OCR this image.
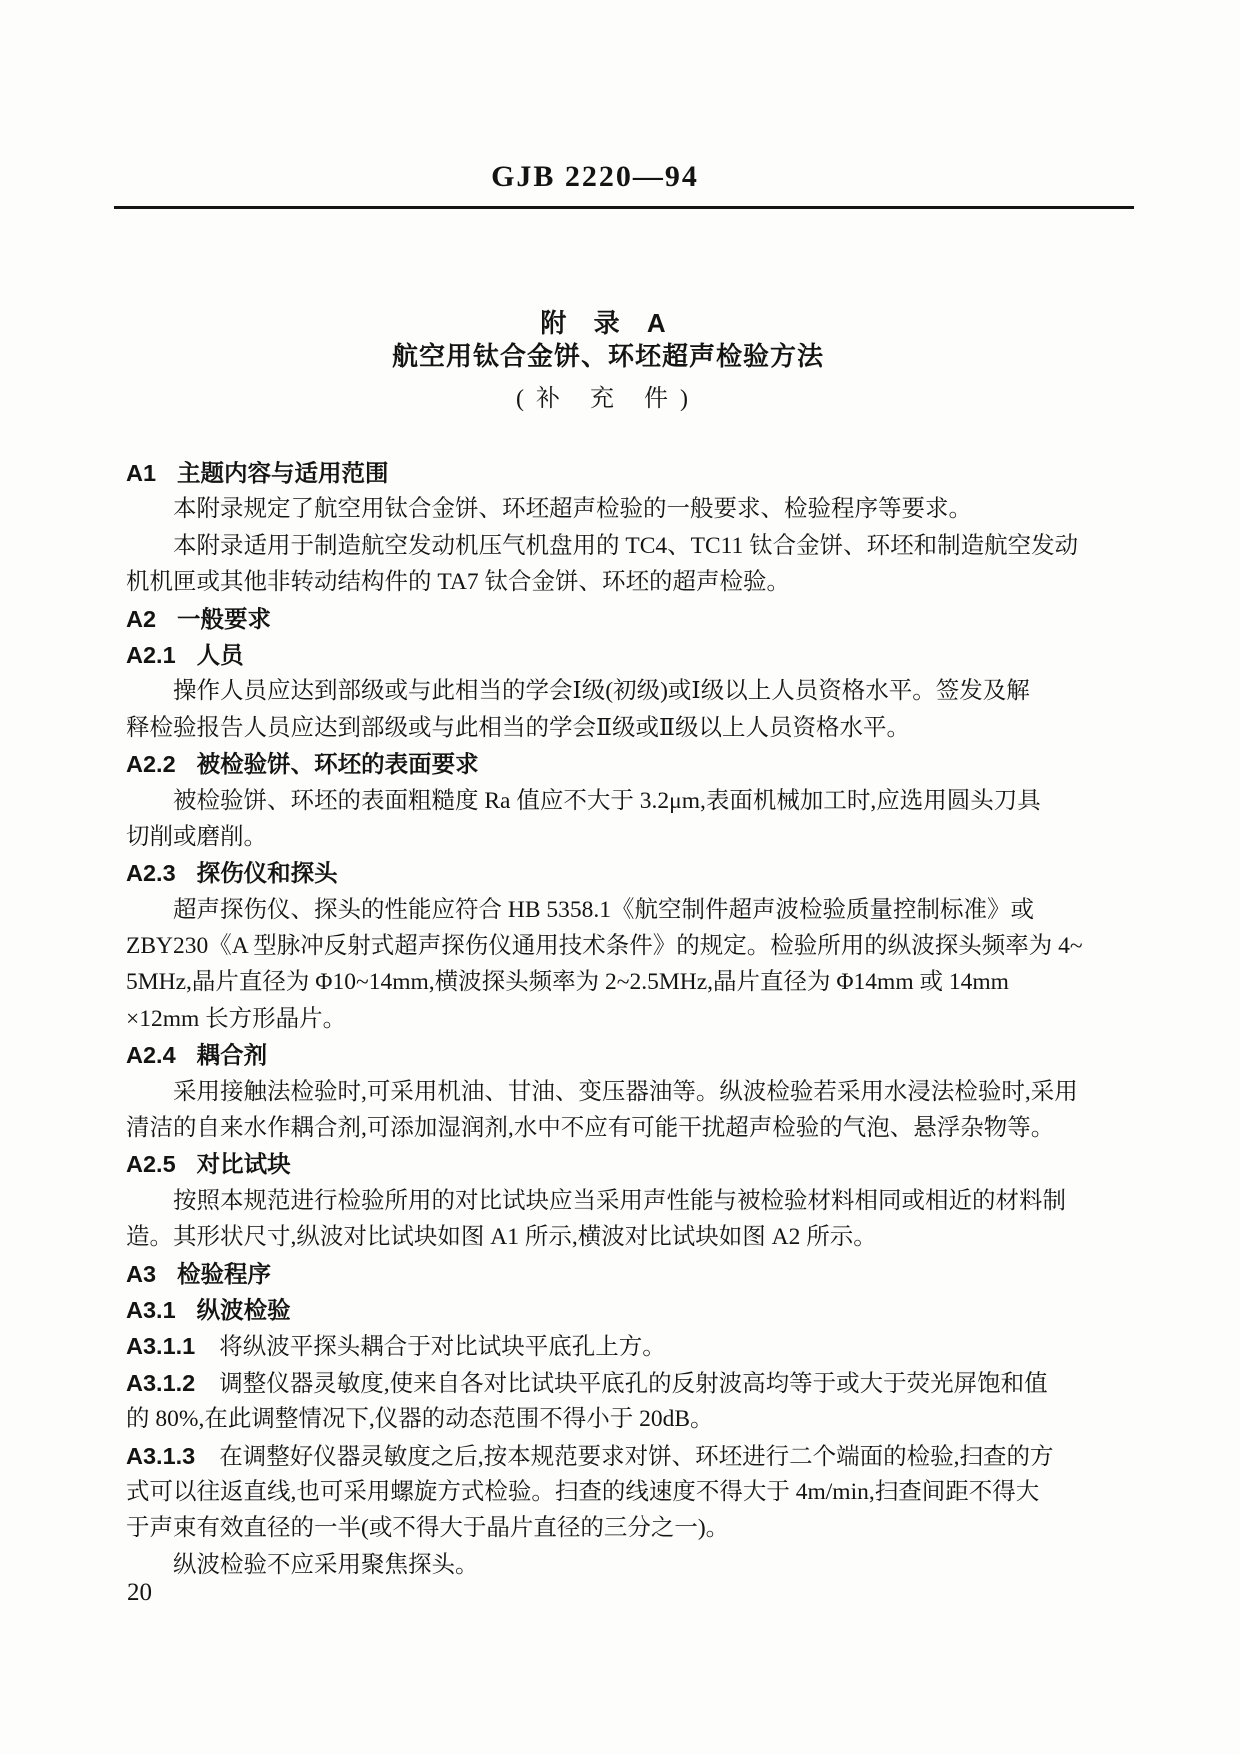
GJB 2220—94
附 录 A
航空用钛合金饼、环坯超声检验方法
(补 充 件)
A1 主题内容与适用范围
本附录规定了航空用钛合金饼、环坯超声检验的一般要求、检验程序等要求。
本附录适用于制造航空发动机压气机盘用的 TC4、TC11 钛合金饼、环坯和制造航空发动
机机匣或其他非转动结构件的 TA7 钛合金饼、环坯的超声检验。
A2 一般要求
A2.1 人员
操作人员应达到部级或与此相当的学会Ⅰ级(初级)或Ⅰ级以上人员资格水平。签发及解
释检验报告人员应达到部级或与此相当的学会Ⅱ级或Ⅱ级以上人员资格水平。
A2.2 被检验饼、环坯的表面要求
被检验饼、环坯的表面粗糙度 Ra 值应不大于 3.2μm,表面机械加工时,应选用圆头刀具
切削或磨削。
A2.3 探伤仪和探头
超声探伤仪、探头的性能应符合 HB 5358.1《航空制件超声波检验质量控制标准》或
ZBY230《A 型脉冲反射式超声探伤仪通用技术条件》的规定。检验所用的纵波探头频率为 4~
5MHz,晶片直径为 Φ10~14mm,横波探头频率为 2~2.5MHz,晶片直径为 Φ14mm 或 14mm
×12mm 长方形晶片。
A2.4 耦合剂
采用接触法检验时,可采用机油、甘油、变压器油等。纵波检验若采用水浸法检验时,采用
清洁的自来水作耦合剂,可添加湿润剂,水中不应有可能干扰超声检验的气泡、悬浮杂物等。
A2.5 对比试块
按照本规范进行检验所用的对比试块应当采用声性能与被检验材料相同或相近的材料制
造。其形状尺寸,纵波对比试块如图 A1 所示,横波对比试块如图 A2 所示。
A3 检验程序
A3.1 纵波检验
A3.1.1 将纵波平探头耦合于对比试块平底孔上方。
A3.1.2 调整仪器灵敏度,使来自各对比试块平底孔的反射波高均等于或大于荧光屏饱和值
的 80%,在此调整情况下,仪器的动态范围不得小于 20dB。
A3.1.3 在调整好仪器灵敏度之后,按本规范要求对饼、环坯进行二个端面的检验,扫查的方
式可以往返直线,也可采用螺旋方式检验。扫查的线速度不得大于 4m/min,扫查间距不得大
于声束有效直径的一半(或不得大于晶片直径的三分之一)。
纵波检验不应采用聚焦探头。
20
